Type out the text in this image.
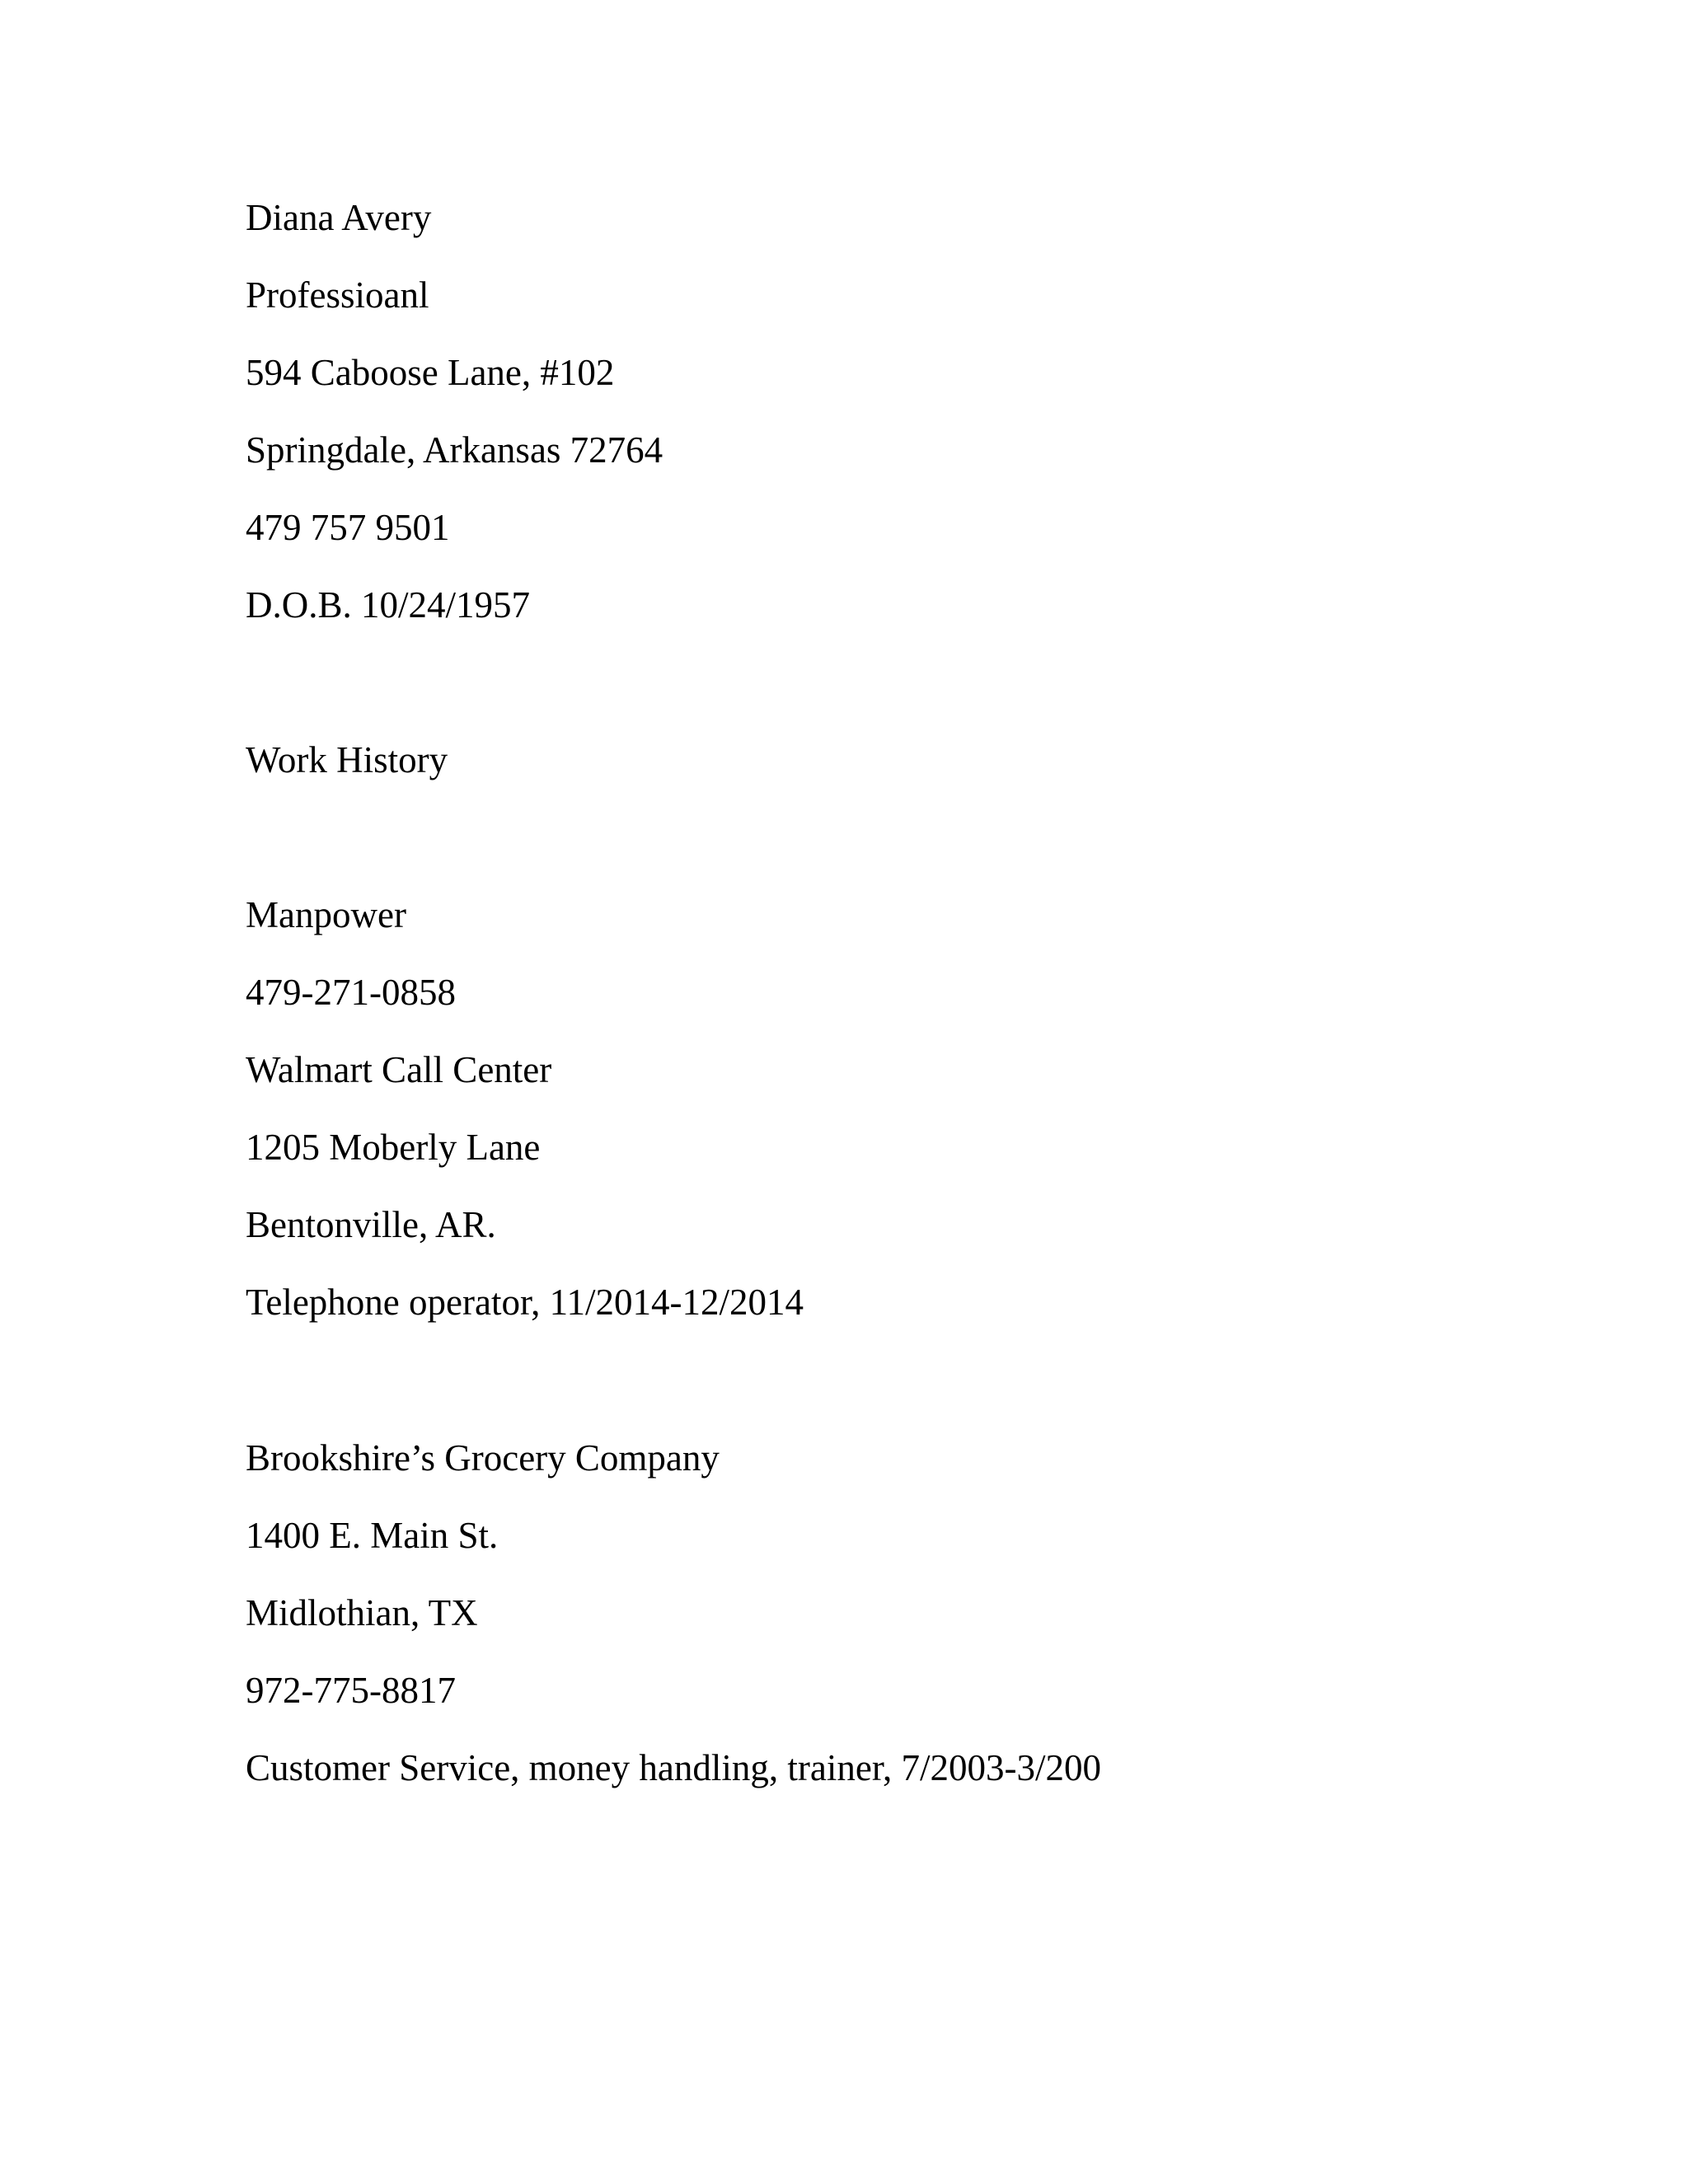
Diana Avery

Professioanl

594 Caboose Lane, #102

Springdale, Arkansas 72764

479 757 9501

D.O.B. 10/24/1957

Work History

Manpower

479-271-0858

Walmart Call Center

1205 Moberly Lane

Bentonville, AR.

Telephone operator, 11/2014-12/2014

Brookshire’s Grocery Company

1400 E. Main St.

Midlothian, TX

972-775-8817

Customer Service, money handling, trainer, 7/2003-3/200
